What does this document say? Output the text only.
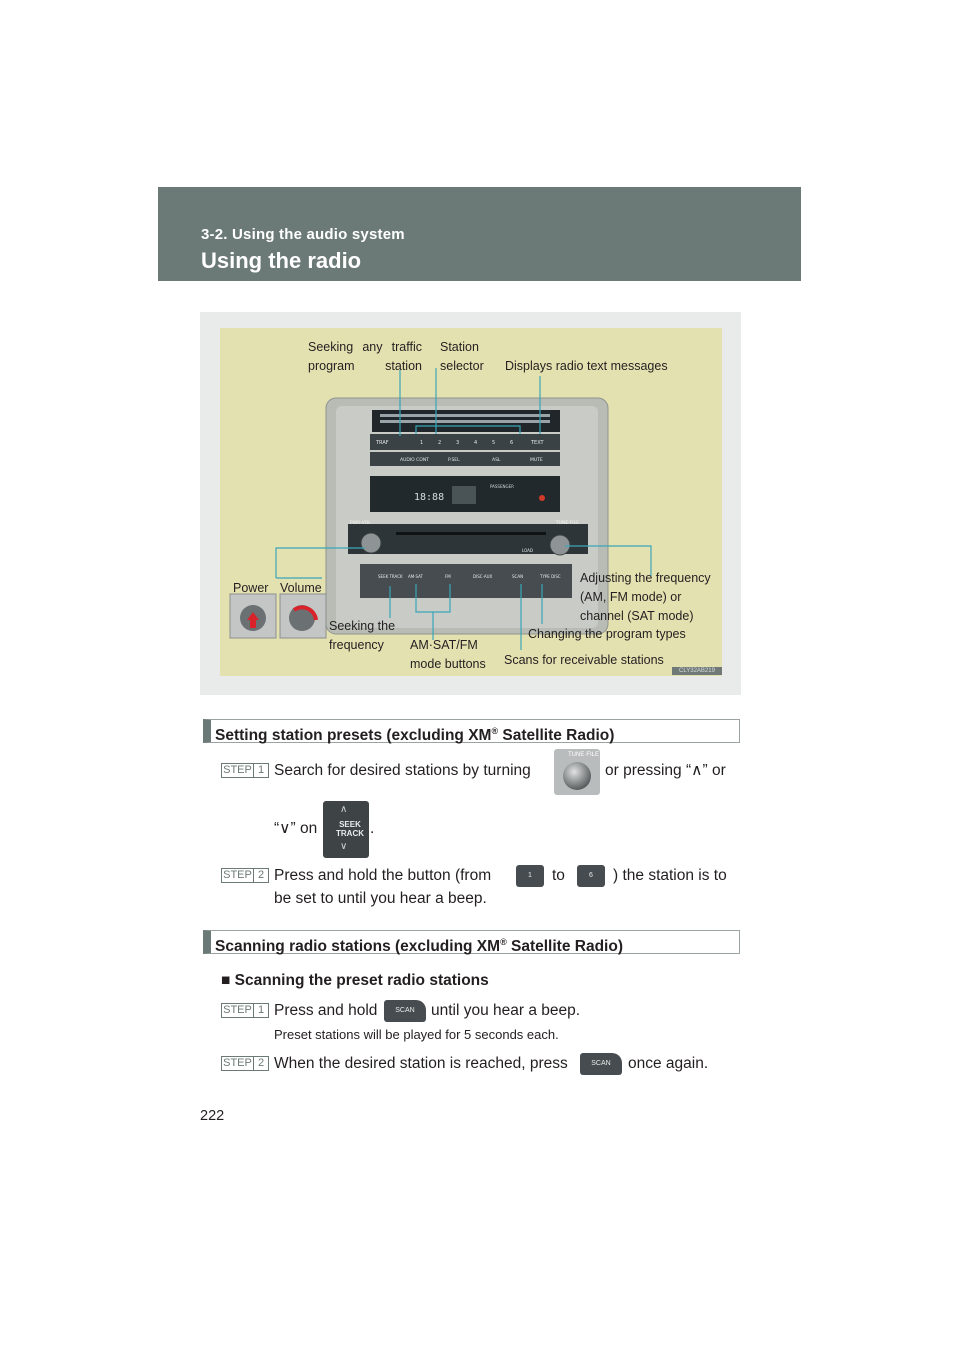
3-2. Using the audio system
Using the radio
TRAF	1	2	3	4	5	6	TEXT
AUDIO CONT	P.SEL	ASL	MUTE
18:88
PASSENGER
PWR·VOL	TUNE·FILE
LOAD
SEEK TRACK AM·SAT	FM	DISC·AUX	SCAN	TYPE DISC
Seeking any traffic program station
Station
selector Displays radio text messages
Power Volume
Adjusting the frequency
(AM, FM mode) or
channel (SAT mode)
Seeking the
frequency
Changing the program types
AM·SAT/FM
mode buttons Scans for receivable stations
CLY32AB219
Setting station presets (excluding XM® Satellite Radio)
STEP 1 Search for desired stations by turning
TUNE·FILE
or pressing “∧” or
“∨” on
∧
SEEK TRACK
∨
.
STEP 2 Press and hold the button (from	1	to	6	) the station is to
be set to until you hear a beep.
Scanning radio stations (excluding XM® Satellite Radio)
■ Scanning the preset radio stations
STEP 1 Press and hold	SCAN	until you hear a beep.
Preset stations will be played for 5 seconds each.
STEP 2 When the desired station is reached, press	SCAN	once again.
222
